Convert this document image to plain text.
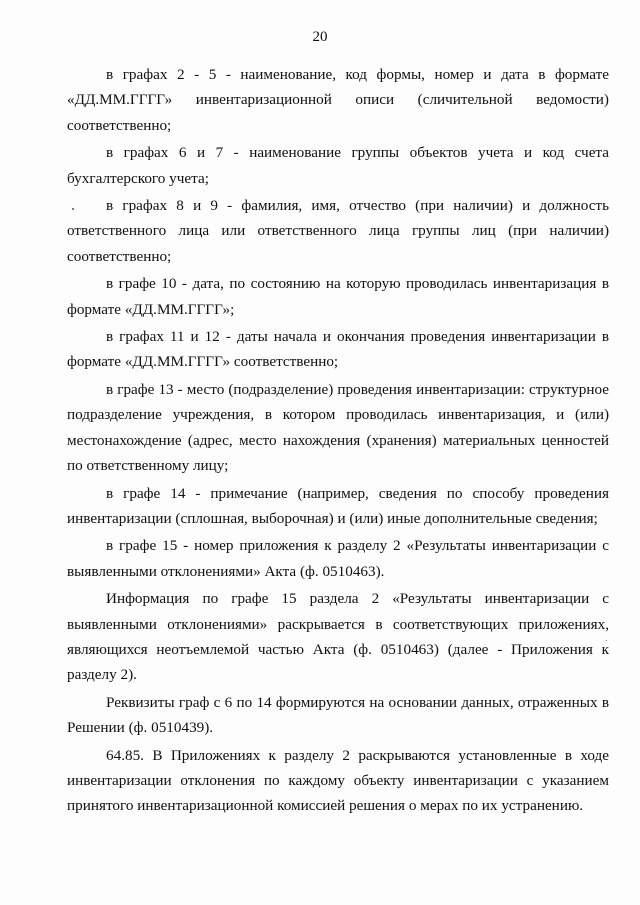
20

в графах 2 - 5 - наименование, код формы, номер и дата в формате «ДД.ММ.ГГГГ» инвентаризационной описи (сличительной ведомости) соответственно;

в графах 6 и 7 - наименование группы объектов учета и код счета бухгалтерского учета;

в графах 8 и 9 - фамилия, имя, отчество (при наличии) и должность ответственного лица или ответственного лица группы лиц (при наличии) соответственно;

в графе 10 - дата, по состоянию на которую проводилась инвентаризация в формате «ДД.ММ.ГГГГ»;

в графах 11 и 12 - даты начала и окончания проведения инвентаризации в формате «ДД.ММ.ГГГГ» соответственно;

в графе 13 - место (подразделение) проведения инвентаризации: структурное подразделение учреждения, в котором проводилась инвентаризация, и (или) местонахождение (адрес, место нахождения (хранения) материальных ценностей по ответственному лицу;

в графе 14 - примечание (например, сведения по способу проведения инвентаризации (сплошная, выборочная) и (или) иные дополнительные сведения;

в графе 15 - номер приложения к разделу 2 «Результаты инвентаризации с выявленными отклонениями» Акта (ф. 0510463).

Информация по графе 15 раздела 2 «Результаты инвентаризации с выявленными отклонениями» раскрывается в соответствующих приложениях, являющихся неотъемлемой частью Акта (ф. 0510463) (далее - Приложения к разделу 2).

Реквизиты граф с 6 по 14 формируются на основании данных, отраженных в Решении (ф. 0510439).

64.85. В Приложениях к разделу 2 раскрываются установленные в ходе инвентаризации отклонения по каждому объекту инвентаризации с указанием принятого инвентаризационной комиссией решения о мерах по их устранению.
